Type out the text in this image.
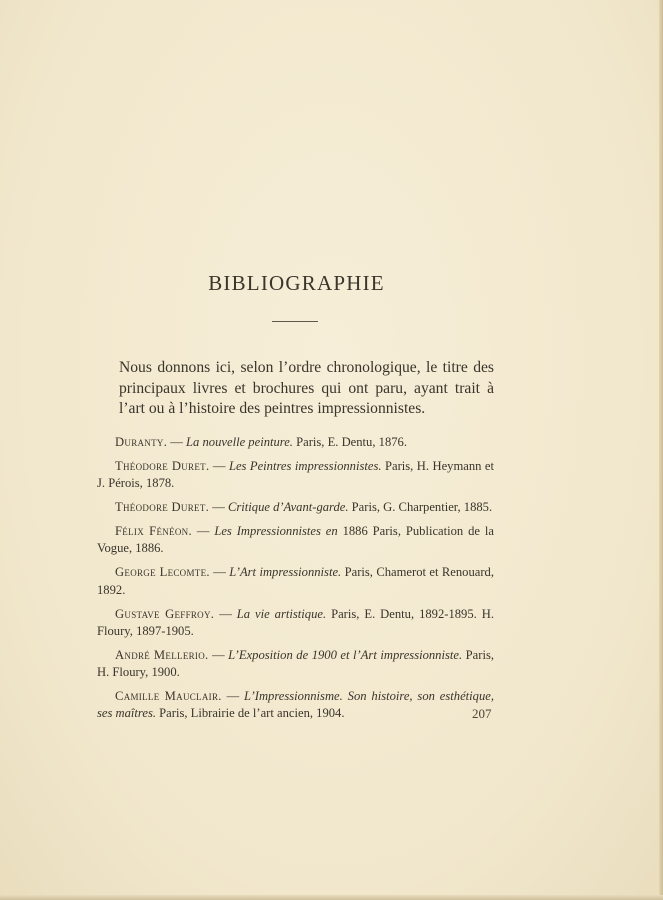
BIBLIOGRAPHIE
Nous donnons ici, selon l’ordre chronologique, le titre des principaux livres et brochures qui ont paru, ayant trait à l’art ou à l’histoire des peintres impressionnistes.

Duranty. — La nouvelle peinture. Paris, E. Dentu, 1876.

Théodore Duret. — Les Peintres impressionnistes. Paris, H. Heymann et J. Pérois, 1878.

Théodore Duret. — Critique d’Avant-garde. Paris, G. Charpentier, 1885.

Félix Fénéon. — Les Impressionnistes en 1886 Paris, Publication de la Vogue, 1886.

George Lecomte. — L’Art impressionniste. Paris, Chamerot et Renouard, 1892.

Gustave Geffroy. — La vie artistique. Paris, E. Dentu, 1892-1895. H. Floury, 1897-1905.

André Mellerio. — L’Exposition de 1900 et l’Art impressionniste. Paris, H. Floury, 1900.

Camille Mauclair. — L’Impressionnisme. Son histoire, son esthétique, ses maîtres. Paris, Librairie de l’art ancien, 1904.	207
